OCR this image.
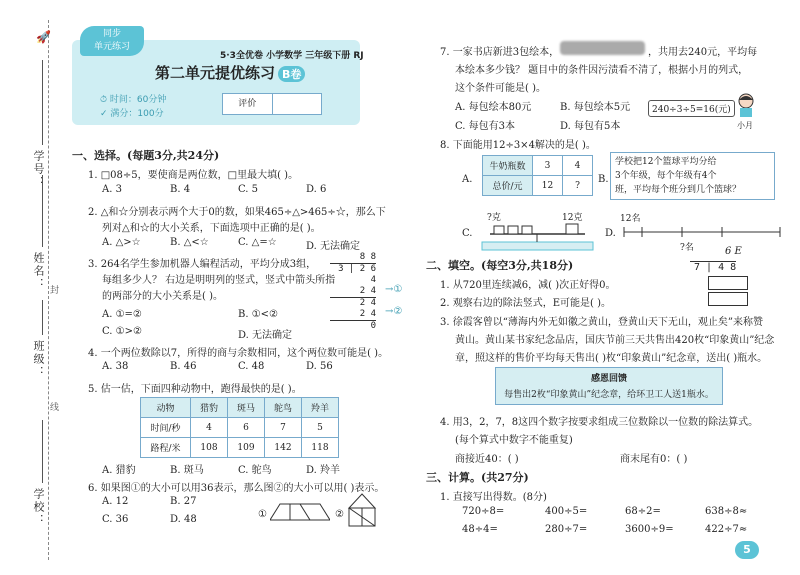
学号：
姓名： 封
班级：
线
学校：
🚀	同步
单元练习
5·3全优卷 小学数学 三年级下册 RJ
第二单元提优练习 B卷
⏱ 时间：60分钟
✓ 满分：100分
评价
一、选择。(每题3分,共24分)
1. □08÷5，要使商是两位数，□里最大填( )。
A. 3	B. 4	C. 5	D. 6
2. △和☆分别表示两个大于0的数，如果465÷△>465÷☆，那么下
列对△和☆的大小关系，下面选项中正确的是( )。
A. △>☆	B. △<☆	C. △=☆	D. 无法确定
3. 264名学生参加机器人编程活动，平均分成3组，
每组多少人？ 右边是明明列的竖式，竖式中箭头所指
的两部分的大小关系是( )。
8 8
3 | 2 6 4
2 4
2 4
2 4
0
→①
→②
A. ①=②	B. ①<②
C. ①>②	D. 无法确定
4. 一个两位数除以7，所得的商与余数相同，这个两位数可能是( )。
A. 38	B. 46	C. 48	D. 56
5. 估一估，下面四种动物中，跑得最快的是( )。
动物	猎豹	斑马	鸵鸟	羚羊
时间/秒	4	6	7	5
路程/米	108	109	142	118
A. 猎豹	B. 斑马	C. 鸵鸟	D. 羚羊
6. 如果图①的大小可以用36表示，那么图②的大小可以用( )表示。
A. 12	B. 27
C. 36	D. 48	①	②
7. 一家书店新进3包绘本，	，共用去240元，平均每
本绘本多少钱？ 题目中的条件因污渍看不清了，根据小月的列式，
这个条件可能是( )。
A. 每包绘本80元	B. 每包绘本5元
C. 每包有3本	D. 每包有5本
240÷3÷5=16(元)
小月
8. 下面能用12÷3×4解决的是( )。
A.
牛奶瓶数	3	4
总价/元	12	?
B.
学校把12个篮球平均分给
3个年级，每个年级有4个
班，平均每个班分到几个篮球？
C.
?克	12克
D.
12名
?名
二、填空。(每空3分,共18分)
1. 从720里连续减6，减( )次正好得0。
2. 观察右边的除法竖式，E可能是( )。
6 E
7 | 4 8
3. 徐霞客曾以“薄海内外无如徽之黄山，登黄山天下无山，观止矣”来称赞
黄山。黄山某书家纪念品店，国庆节前三天共售出420枚“印象黄山”纪念
章，照这样的售价平均每天售出( )枚“印象黄山”纪念章，送出( )瓶水。
感恩回馈
每售出2枚“印象黄山”纪念章，给环卫工人送1瓶水。
4. 用3，2，7，8这四个数字按要求组成三位数除以一位数的除法算式。
(每个算式中数字不能重复)
商接近40：( )	商末尾有0：( )
三、计算。(共27分)
1. 直接写出得数。(8分)
720÷8=	400÷5=	68÷2=	638÷8≈
48÷4=	280÷7=	3600÷9=	422÷7≈
5
